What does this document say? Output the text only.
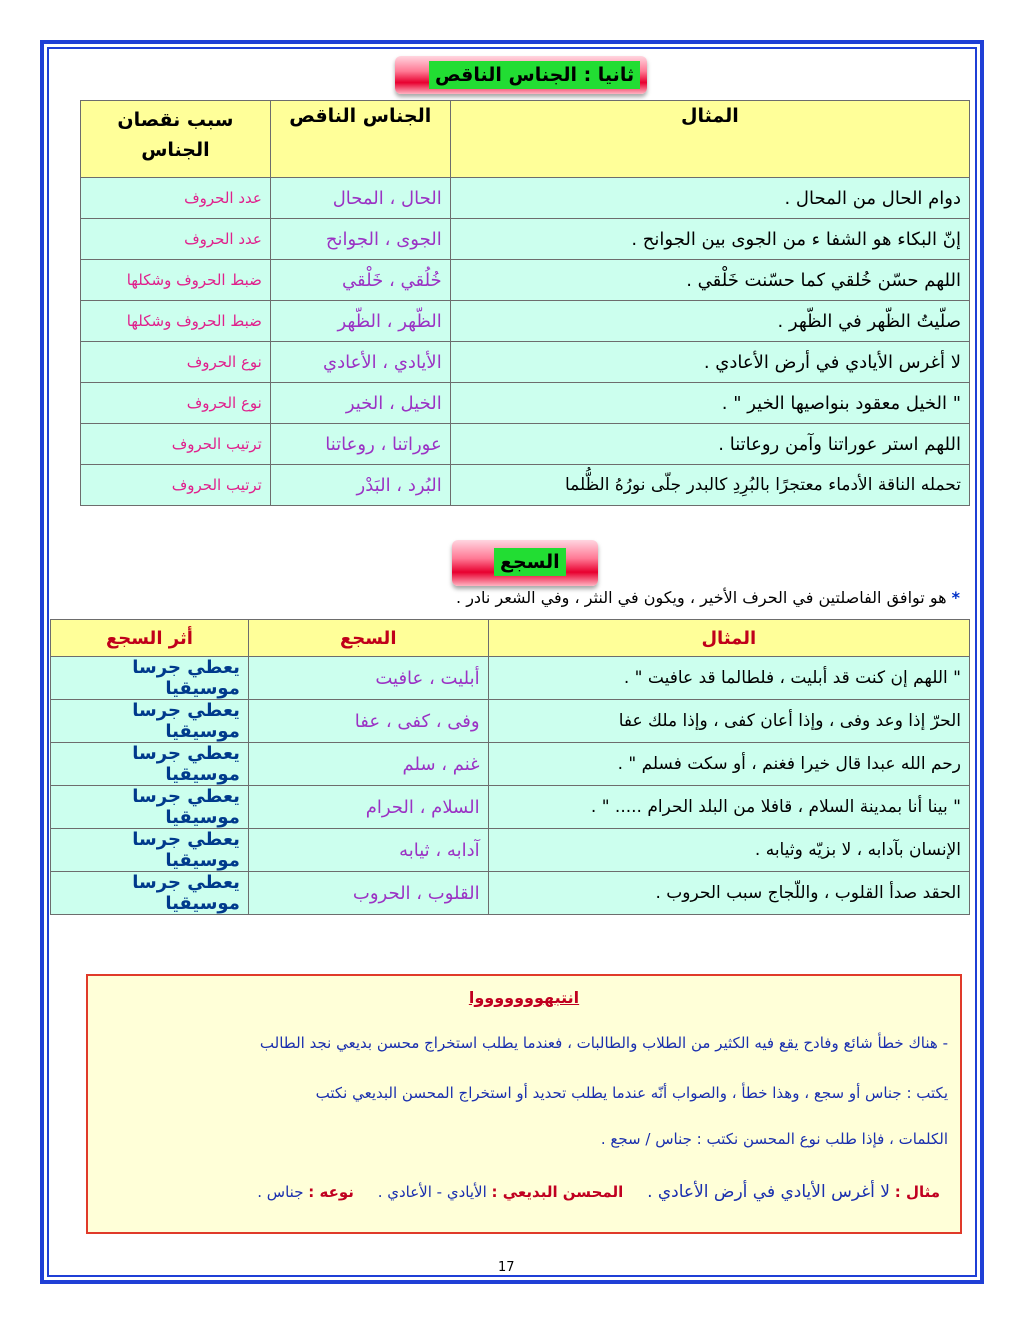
ثانيا : الجناس الناقص
المثال	الجناس الناقص	سبب نقصان الجناس
دوام الحال من المحال .	الحال ، المحال	عدد الحروف
إنّ البكاء هو الشفا ء من الجوى بين الجوانح .	الجوى ، الجوانح	عدد الحروف
اللهم حسّن خُلقي كما حسّنت خَلْقي .	خُلُقي ، خَلْقي	ضبط الحروف وشكلها
صلّيتُ الظّهر في الظّهر .	الظّهر ، الظّهر	ضبط الحروف وشكلها
لا أغرس الأيادي في أرض الأعادي .	الأيادي ، الأعادي	نوع الحروف
" الخيل معقود بنواصيها الخير " .	الخيل ، الخير	نوع الحروف
اللهم استر عوراتنا وآمن روعاتنا .	عوراتنا ، روعاتنا	ترتيب الحروف
تحمله الناقة الأدماء معتجرًا بالبُرِدِ كالبدر جلّى نورُهُ الظُّلما	البُرد ، البَدْر	ترتيب الحروف
السجع
* هو توافق الفاصلتين في الحرف الأخير ، ويكون في النثر ، وفي الشعر نادر .
المثال	السجع	أثر السجع
" اللهم إن كنت قد أبليت ، فلطالما قد عافيت " .	أبليت ، عافيت	يعطي جرسا موسيقيا
الحرّ إذا وعد وفى ، وإذا أعان كفى ، وإذا ملك عفا	وفى ، كفى ، عفا	يعطي جرسا موسيقيا
رحم الله عبدا قال خيرا فغنم ، أو سكت فسلم " .	غنم ، سلم	يعطي جرسا موسيقيا
" بينا أنا بمدينة السلام ، قافلا من البلد الحرام ..... " .	السلام ، الحرام	يعطي جرسا موسيقيا
الإنسان بآدابه ، لا بزيّه وثيابه .	آدابه ، ثيابه	يعطي جرسا موسيقيا
الحقد صدأ القلوب ، واللّجاج سبب الحروب .	القلوب ، الحروب	يعطي جرسا موسيقيا
انتبهوووووووا
- هناك خطأ شائع وفادح يقع فيه الكثير من الطلاب والطالبات ، فعندما يطلب استخراج محسن بديعي نجد الطالب
يكتب : جناس أو سجع ، وهذا خطأ ، والصواب أنّه عندما يطلب تحديد أو استخراج المحسن البديعي نكتب
الكلمات ، فإذا طلب نوع المحسن نكتب : جناس / سجع .
مثال : لا أغرس الأيادي في أرض الأعادي .     المحسن البديعي : الأيادي - الأعادي .     نوعه : جناس .
17
